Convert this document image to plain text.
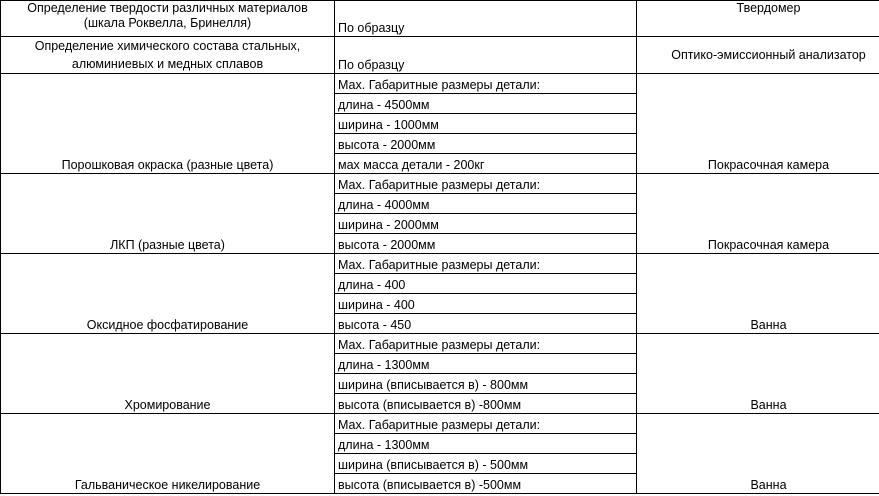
Определение твердости различных материалов
(шкала Роквелла, Бринелля)	По образцу	Твердомер

Определение химического состава стальных,
алюминиевых и медных сплавов	По образцу	Оптико-эмиссионный анализатор
Порошковая окраска (разные цвета)	Мах. Габаритные размеры детали:	Покрасочная камера
	длина - 4500мм	
	ширина - 1000мм	
	высота - 2000мм	
	мах масса детали - 200кг	
ЛКП (разные цвета)	Мах. Габаритные размеры детали:	Покрасочная камера
	длина - 4000мм	
	ширина - 2000мм	
	высота - 2000мм	
Оксидное фосфатирование	Мах. Габаритные размеры детали:	Ванна
	длина - 400	
	ширина - 400	
	высота - 450	
Хромирование	Мах. Габаритные размеры детали:	Ванна
	длина - 1300мм	
	ширина (вписывается в) - 800мм	
	высота (вписывается в) -800мм	
Гальваническое никелирование	Мах. Габаритные размеры детали:	Ванна
	длина - 1300мм	
	ширина (вписывается в) - 500мм	
	высота (вписывается в) -500мм	
